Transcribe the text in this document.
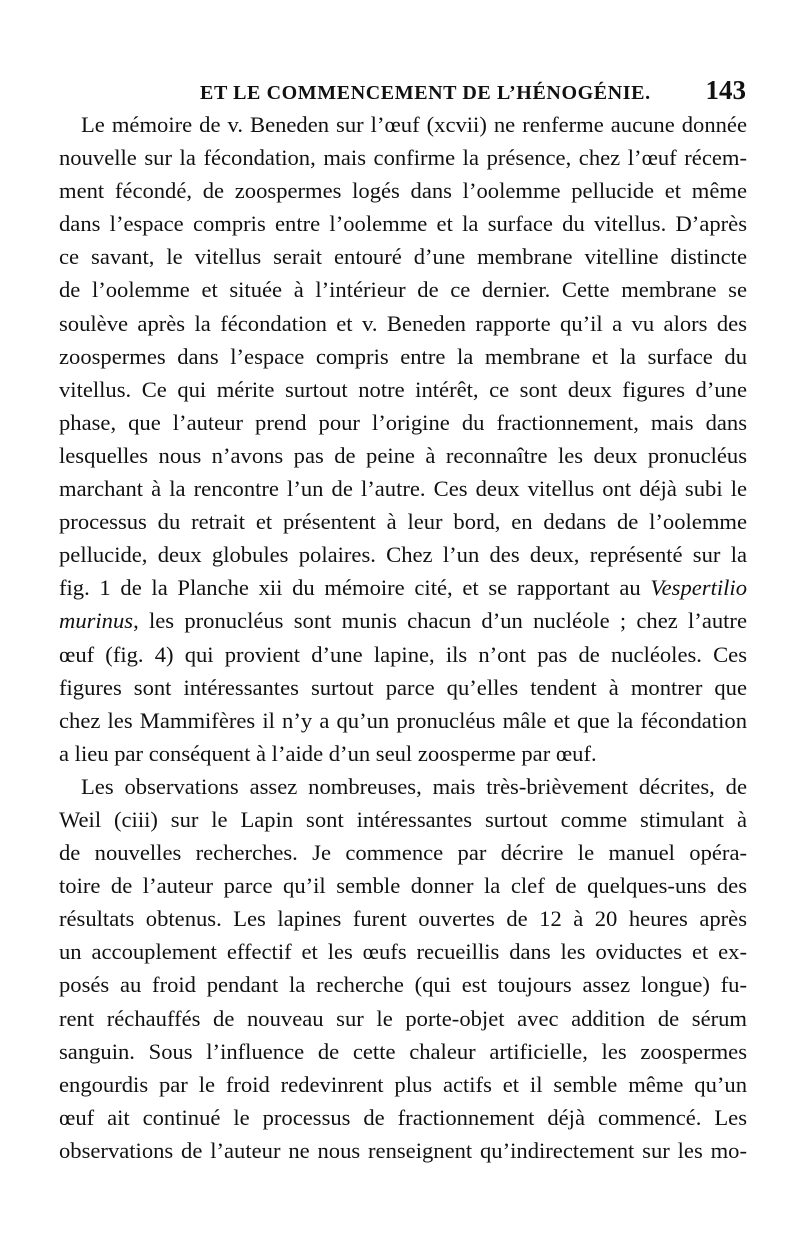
ET LE COMMENCEMENT DE L’HÉNOGÉNIE. 143
Le mémoire de v. Beneden sur l’œuf (xcvii) ne renferme aucune donnée
nouvelle sur la fécondation, mais confirme la présence, chez l’œuf récem-
ment fécondé, de zoospermes logés dans l’oolemme pellucide et même
dans l’espace compris entre l’oolemme et la surface du vitellus. D’après
ce savant, le vitellus serait entouré d’une membrane vitelline distincte
de l’oolemme et située à l’intérieur de ce dernier. Cette membrane se
soulève après la fécondation et v. Beneden rapporte qu’il a vu alors des
zoospermes dans l’espace compris entre la membrane et la surface du
vitellus. Ce qui mérite surtout notre intérêt, ce sont deux figures d’une
phase, que l’auteur prend pour l’origine du fractionnement, mais dans
lesquelles nous n’avons pas de peine à reconnaître les deux pronucléus
marchant à la rencontre l’un de l’autre. Ces deux vitellus ont déjà subi le
processus du retrait et présentent à leur bord, en dedans de l’oolemme
pellucide, deux globules polaires. Chez l’un des deux, représenté sur la
fig. 1 de la Planche xii du mémoire cité, et se rapportant au Vespertilio
murinus, les pronucléus sont munis chacun d’un nucléole ; chez l’autre
œuf (fig. 4) qui provient d’une lapine, ils n’ont pas de nucléoles. Ces
figures sont intéressantes surtout parce qu’elles tendent à montrer que
chez les Mammifères il n’y a qu’un pronucléus mâle et que la fécondation
a lieu par conséquent à l’aide d’un seul zoosperme par œuf.
Les observations assez nombreuses, mais très-brièvement décrites, de
Weil (ciii) sur le Lapin sont intéressantes surtout comme stimulant à
de nouvelles recherches. Je commence par décrire le manuel opéra-
toire de l’auteur parce qu’il semble donner la clef de quelques-uns des
résultats obtenus. Les lapines furent ouvertes de 12 à 20 heures après
un accouplement effectif et les œufs recueillis dans les oviductes et ex-
posés au froid pendant la recherche (qui est toujours assez longue) fu-
rent réchauffés de nouveau sur le porte-objet avec addition de sérum
sanguin. Sous l’influence de cette chaleur artificielle, les zoospermes
engourdis par le froid redevinrent plus actifs et il semble même qu’un
œuf ait continué le processus de fractionnement déjà commencé. Les
observations de l’auteur ne nous renseignent qu’indirectement sur les mo-
